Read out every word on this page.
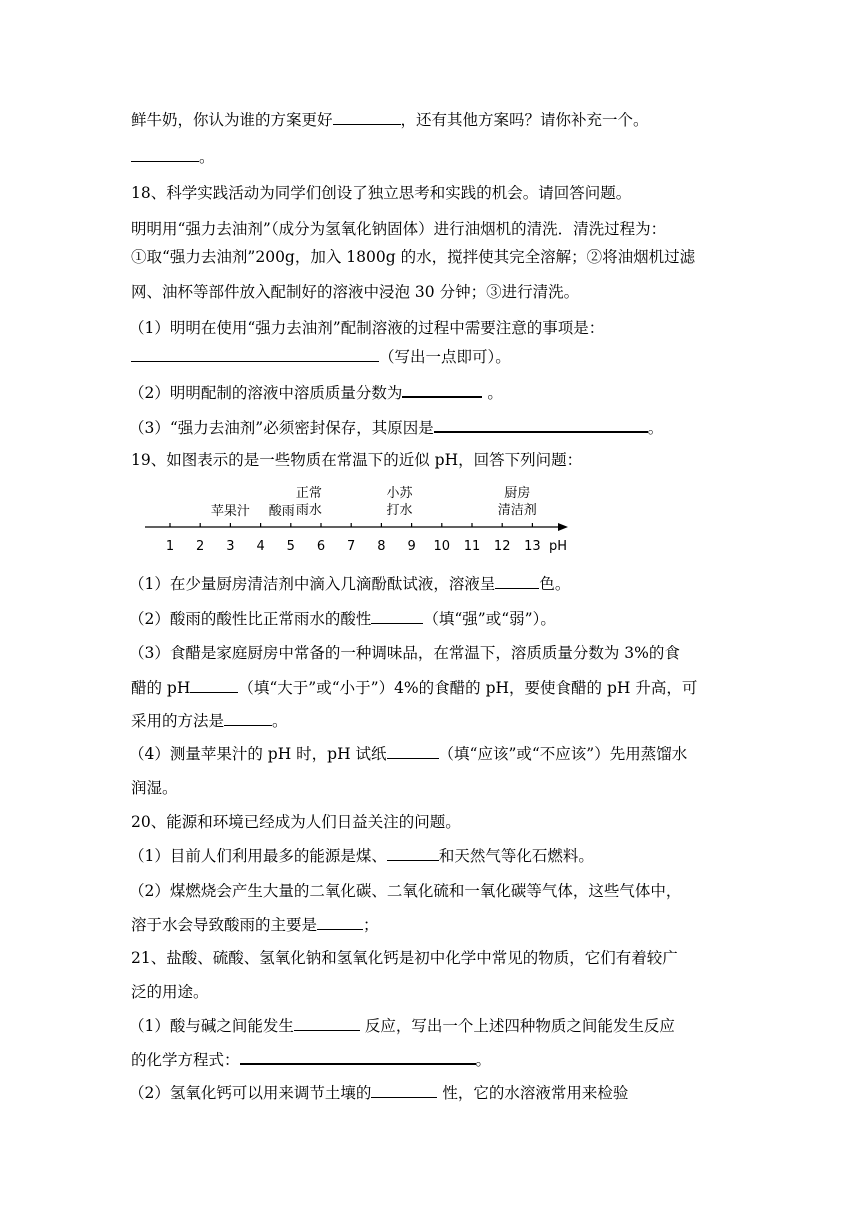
鲜牛奶，你认为谁的方案更好	，还有其他方案吗？请你补充一个。
。
18、科学实践活动为同学们创设了独立思考和实践的机会。请回答问题。
明明用“强力去油剂”（成分为氢氧化钠固体）进行油烟机的清洗．清洗过程为：
①取“强力去油剂”200g，加入 1800g 的水，搅拌使其完全溶解；②将油烟机过滤
网、油杯等部件放入配制好的溶液中浸泡 30 分钟；③进行清洗。
（1）明明在使用“强力去油剂”配制溶液的过程中需要注意的事项是：
（写出一点即可）。
（2）明明配制的溶液中溶质质量分数为	。
（3）“强力去油剂”必须密封保存，其原因是	。
19、如图表示的是一些物质在常温下的近似 pH，回答下列问题：
苹果汁 酸雨
正常雨水
小苏打水
厨房清洁剂
1 2 3 4 5 6 7 8 9 10 11 12 13 pH
（1）在少量厨房清洁剂中滴入几滴酚酞试液，溶液呈	色。
（2）酸雨的酸性比正常雨水的酸性	（填“强”或“弱”）。
（3）食醋是家庭厨房中常备的一种调味品，在常温下，溶质质量分数为 3%的食
醋的 pH	（填“大于”或“小于”）4%的食醋的 pH，要使食醋的 pH 升高，可
采用的方法是	。
（4）测量苹果汁的 pH 时，pH 试纸	（填“应该”或“不应该”）先用蒸馏水
润湿。
20、能源和环境已经成为人们日益关注的问题。
（1）目前人们利用最多的能源是煤、	和天然气等化石燃料。
（2）煤燃烧会产生大量的二氧化碳、二氧化硫和一氧化碳等气体，这些气体中，
溶于水会导致酸雨的主要是	；
21、盐酸、硫酸、氢氧化钠和氢氧化钙是初中化学中常见的物质，它们有着较广
泛的用途。
（1）酸与碱之间能发生	反应，写出一个上述四种物质之间能发生反应
的化学方程式：	。
（2）氢氧化钙可以用来调节土壤的	性，它的水溶液常用来检验
